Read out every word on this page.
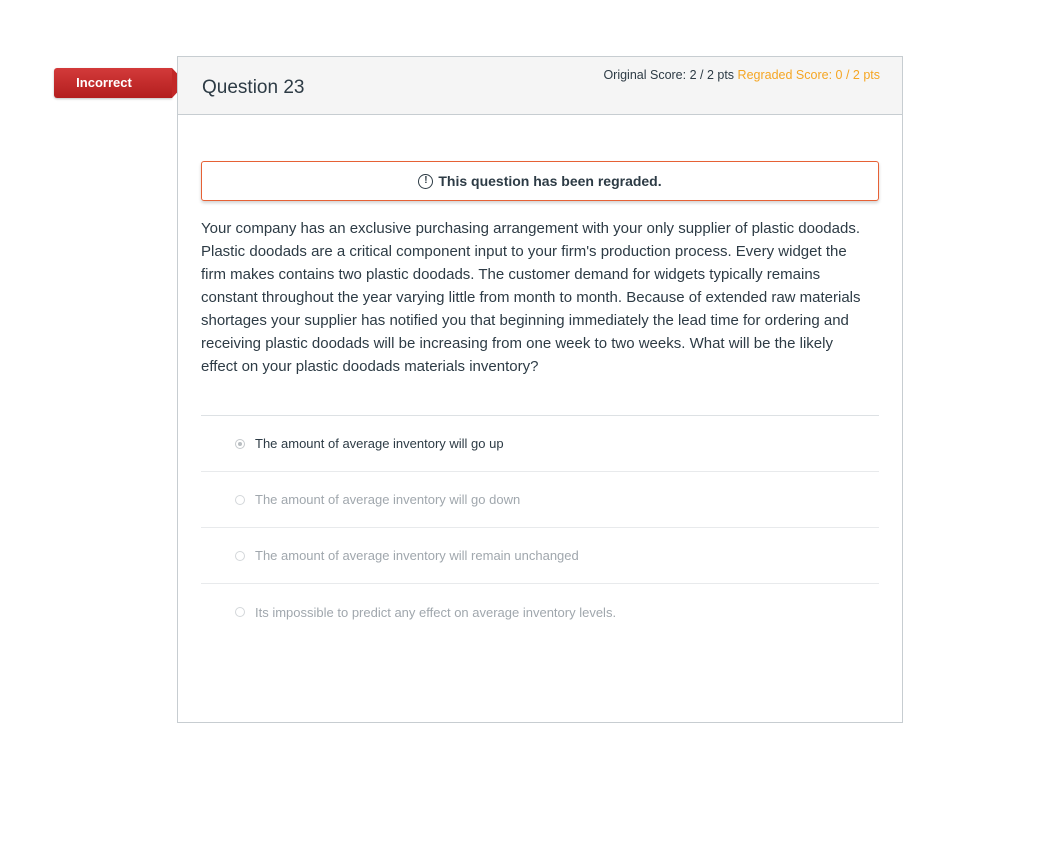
Incorrect	Question 23
Original Score: 2 / 2 pts Regraded Score: 0 / 2 pts
! This question has been regraded.
Your company has an exclusive purchasing arrangement with your only supplier of plastic doodads. Plastic doodads are a critical component input to your firm's production process. Every widget the firm makes contains two plastic doodads. The customer demand for widgets typically remains constant throughout the year varying little from month to month. Because of extended raw materials shortages your supplier has notified you that beginning immediately the lead time for ordering and receiving plastic doodads will be increasing from one week to two weeks. What will be the likely effect on your plastic doodads materials inventory?
The amount of average inventory will go up
The amount of average inventory will go down
The amount of average inventory will remain unchanged
Its impossible to predict any effect on average inventory levels.
